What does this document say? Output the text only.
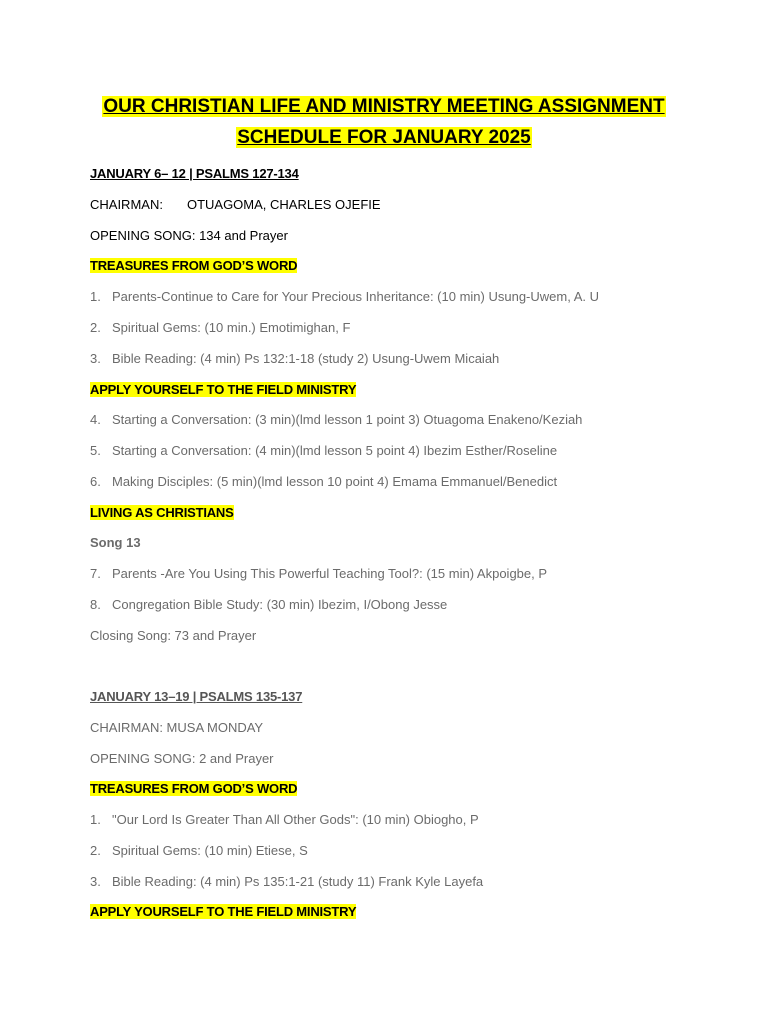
OUR CHRISTIAN LIFE AND MINISTRY MEETING ASSIGNMENT
SCHEDULE FOR JANUARY 2025
JANUARY 6– 12 | PSALMS 127-134
CHAIRMAN: OTUAGOMA, CHARLES OJEFIE
OPENING SONG: 134 and Prayer
TREASURES FROM GOD’S WORD
1. Parents-Continue to Care for Your Precious Inheritance: (10 min) Usung-Uwem, A. U
2. Spiritual Gems: (10 min.) Emotimighan, F
3. Bible Reading: (4 min) Ps 132:1-18 (study 2) Usung-Uwem Micaiah
APPLY YOURSELF TO THE FIELD MINISTRY
4. Starting a Conversation: (3 min)(lmd lesson 1 point 3) Otuagoma Enakeno/Keziah
5. Starting a Conversation: (4 min)(lmd lesson 5 point 4) Ibezim Esther/Roseline
6. Making Disciples: (5 min)(lmd lesson 10 point 4) Emama Emmanuel/Benedict
LIVING AS CHRISTIANS
Song 13
7. Parents -Are You Using This Powerful Teaching Tool?: (15 min) Akpoigbe, P
8. Congregation Bible Study: (30 min) Ibezim, I/Obong Jesse
Closing Song: 73 and Prayer
JANUARY 13–19 | PSALMS 135-137
CHAIRMAN: MUSA MONDAY
OPENING SONG: 2 and Prayer
TREASURES FROM GOD’S WORD
1. "Our Lord Is Greater Than All Other Gods": (10 min) Obiogho, P
2. Spiritual Gems: (10 min) Etiese, S
3. Bible Reading: (4 min) Ps 135:1-21 (study 11) Frank Kyle Layefa
APPLY YOURSELF TO THE FIELD MINISTRY
